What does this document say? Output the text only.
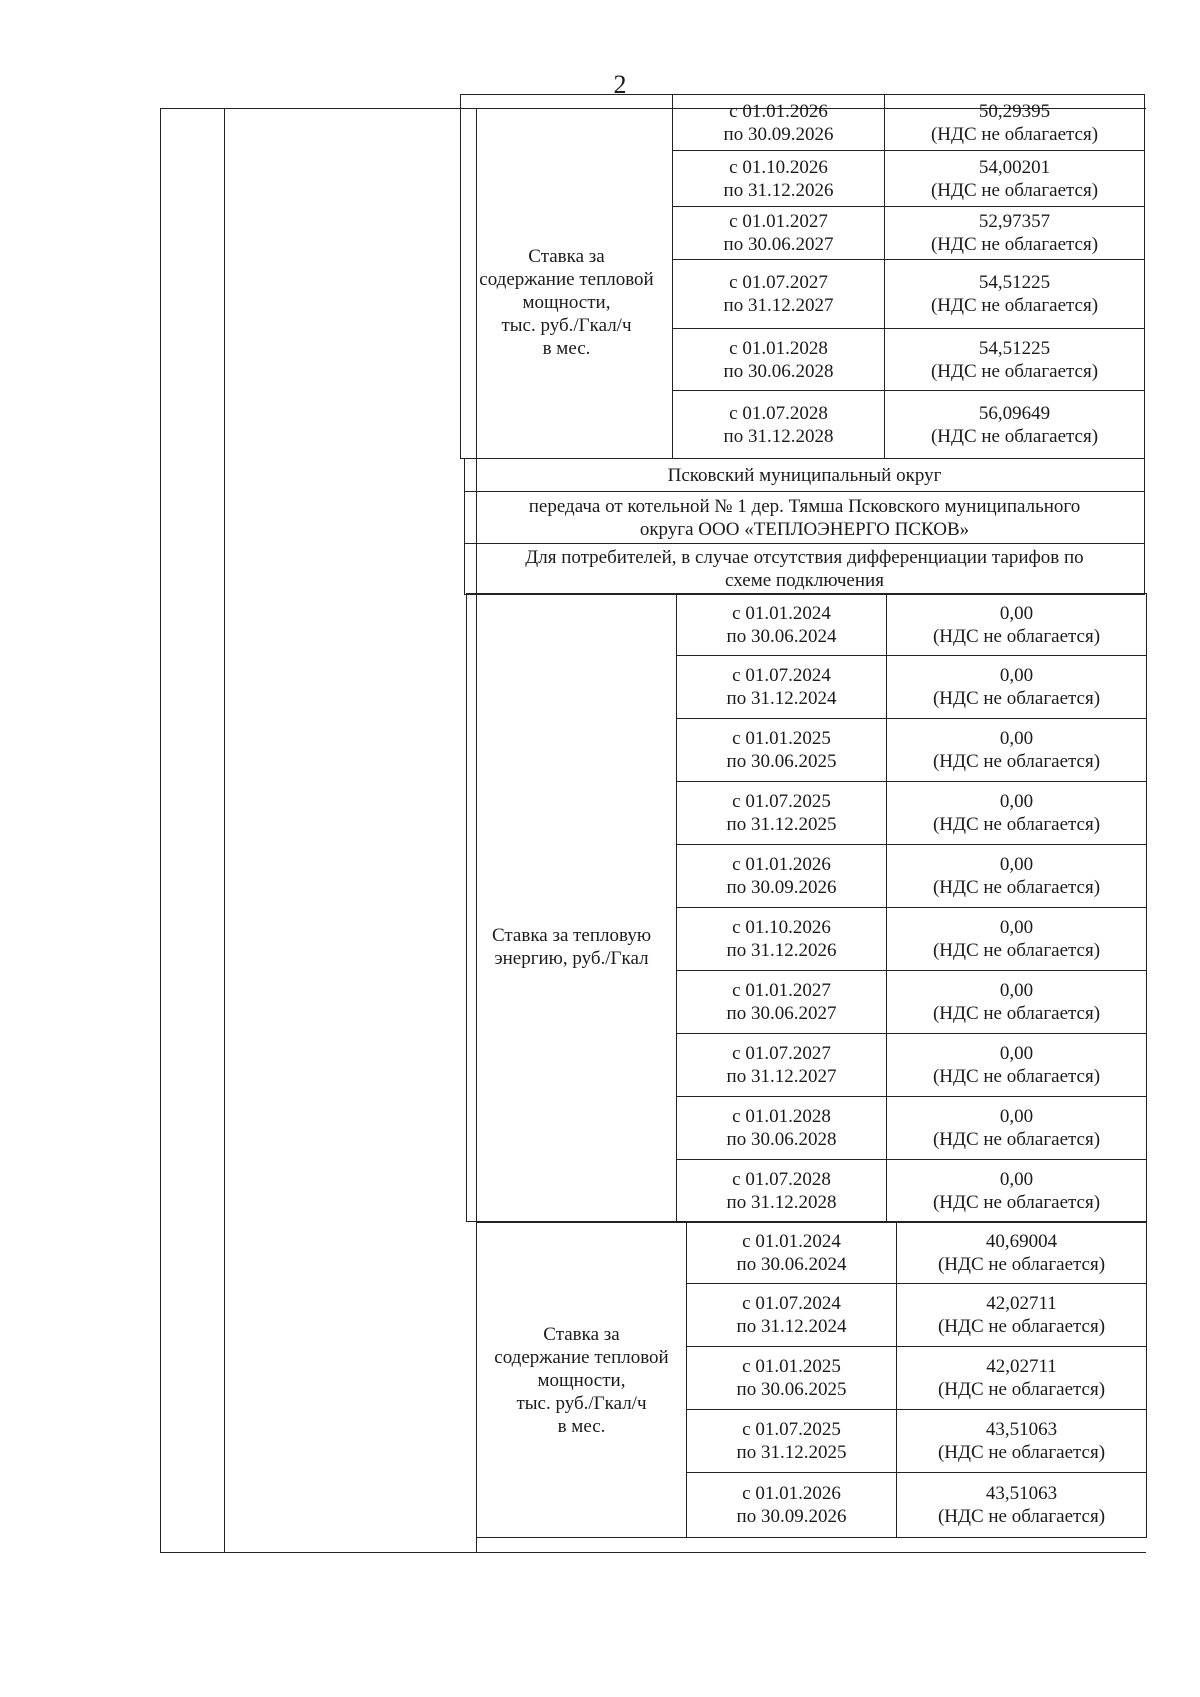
2
Ставка за
содержание тепловой
мощности,
тыс. руб./Гкал/ч
в мес.	с 01.01.2026
по 30.09.2026	50,29395
(НДС не облагается)

	с 01.10.2026
по 31.12.2026	54,00201
(НДС не облагается)

	с 01.01.2027
по 30.06.2027	52,97357
(НДС не облагается)

	с 01.07.2027
по 31.12.2027	54,51225
(НДС не облагается)

	с 01.01.2028
по 30.06.2028	54,51225
(НДС не облагается)

	с 01.07.2028
по 31.12.2028	56,09649
(НДС не облагается)
Псковский муниципальный округ

передача от котельной № 1 дер. Тямша Псковского муниципального
округа ООО «ТЕПЛОЭНЕРГО ПСКОВ»

Для потребителей, в случае отсутствия дифференциации тарифов по
схеме подключения
Ставка за тепловую
энергию, руб./Гкал	с 01.01.2024
по 30.06.2024	0,00
(НДС не облагается)

	с 01.07.2024
по 31.12.2024	0,00
(НДС не облагается)

	с 01.01.2025
по 30.06.2025	0,00
(НДС не облагается)

	с 01.07.2025
по 31.12.2025	0,00
(НДС не облагается)

	с 01.01.2026
по 30.09.2026	0,00
(НДС не облагается)

	с 01.10.2026
по 31.12.2026	0,00
(НДС не облагается)

	с 01.01.2027
по 30.06.2027	0,00
(НДС не облагается)

	с 01.07.2027
по 31.12.2027	0,00
(НДС не облагается)

	с 01.01.2028
по 30.06.2028	0,00
(НДС не облагается)

	с 01.07.2028
по 31.12.2028	0,00
(НДС не облагается)
Ставка за
содержание тепловой
мощности,
тыс. руб./Гкал/ч
в мес.	с 01.01.2024
по 30.06.2024	40,69004
(НДС не облагается)

	с 01.07.2024
по 31.12.2024	42,02711
(НДС не облагается)

	с 01.01.2025
по 30.06.2025	42,02711
(НДС не облагается)

	с 01.07.2025
по 31.12.2025	43,51063
(НДС не облагается)

	с 01.01.2026
по 30.09.2026	43,51063
(НДС не облагается)
